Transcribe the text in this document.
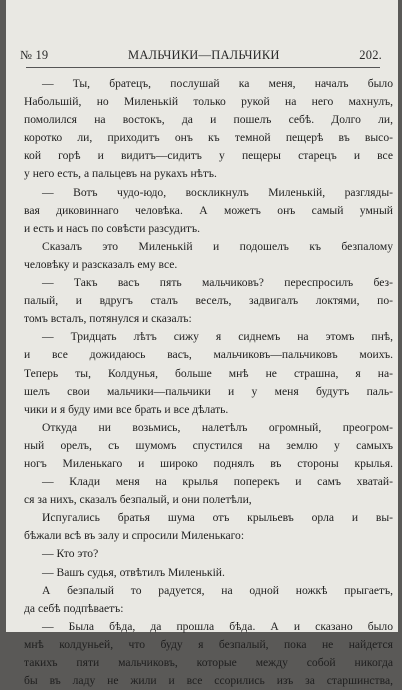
№ 19	МАЛЬЧИКИ—ПАЛЬЧИКИ	202.
— Ты, братецъ, послушай ка меня, началъ было
Набольшій, но Миленькій только рукой на него махнулъ,
помолился на востокъ, да и пошелъ себѣ. Долго ли,
коротко ли, приходитъ онъ къ темной пещерѣ въ высо-
кой горѣ и видитъ—сидитъ у пещеры старецъ и все
у него есть, а пальцевъ на рукахъ нѣтъ.
— Вотъ чудо-юдо, воскликнулъ Миленькій, разгляды-
вая диковиннаго человѣка. А можетъ онъ самый умный
и есть и насъ по совѣсти разсудитъ.
Сказалъ это Миленькій и подошелъ къ безпалому
человѣку и разсказалъ ему все.
— Такъ васъ пять мальчиковъ? переспросилъ без-
палый, и вдругъ сталъ веселъ, задвигалъ локтями, по-
томъ всталъ, потянулся и сказалъ:
— Тридцать лѣтъ сижу я сиднемъ на этомъ пнѣ,
и все дожидаюсь васъ, мальчиковъ—пальчиковъ моихъ.
Теперь ты, Колдунья, больше мнѣ не страшна, я на-
шелъ свои мальчики—пальчики и у меня будутъ паль-
чики и я буду ими все брать и все дѣлать.
Откуда ни возьмись, налетѣлъ огромный, преогром-
ный орелъ, съ шумомъ спустился на землю у самыхъ
ногъ Миленькаго и широко поднялъ въ стороны крылья.
— Клади меня на крылья поперекъ и самъ хватай-
ся за нихъ, сказалъ безпалый, и они полетѣли,
Испугались братья шума отъ крыльевъ орла и вы-
бѣжали всѣ въ залу и спросили Миленькаго:
— Кто это?
— Вашъ судья, отвѣтилъ Миленькій.
А безпалый то радуется, на одной ножкѣ прыгаетъ,
да себѣ подпѣваетъ:
— Была бѣда, да прошла бѣда. А и сказано было
мнѣ колдуньей, что буду я безпалый, пока не найдется
такихъ пяти мальчиковъ, которые между собой никогда
бы въ ладу не жили и все ссорились изъ за старшинства,
